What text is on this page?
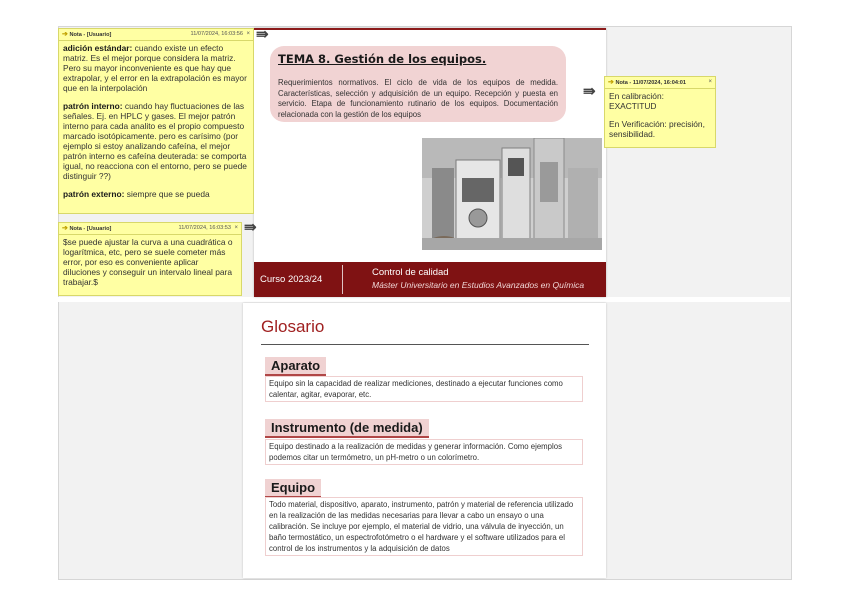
TEMA 8. Gestión de los equipos.

Requerimientos normativos. El ciclo de vida de los equipos de medida. Características, selección y adquisición de un equipo. Recepción y puesta en servicio. Etapa de funcionamiento rutinario de los equipos. Documentación relacionada con la gestión de los equipos

Curso 2023/24
Control de calidad
Máster Universitario en Estudios Avanzados en Química
Glosario
Aparato
Equipo sin la capacidad de realizar mediciones, destinado a ejecutar funciones como calentar, agitar, evaporar, etc.
Instrumento (de medida)
Equipo destinado a la realización de medidas y generar información. Como ejemplos podemos citar un termómetro, un pH-metro o un colorímetro.
Equipo
Todo material, dispositivo, aparato, instrumento, patrón y material de referencia utilizado en la realización de las medidas necesarias para llevar a cabo un ensayo o una calibración. Se incluye por ejemplo, el material de vidrio, una válvula de inyección, un baño termostático, un espectrofotómetro o el hardware y el software utilizados para el control de los instrumentos y la adquisición de datos
➔ Nota - [Usuario]	11/07/2024, 16:03:56 ×

adición estándar: cuando existe un efecto matriz. Es el mejor porque considera la matriz. Pero su mayor inconveniente es que hay que extrapolar, y el error en la extrapolación es mayor que en la interpolación

patrón interno: cuando hay fluctuaciones de las señales. Ej. en HPLC y gases. El mejor patrón interno para cada analito es el propio compuesto marcado isotópicamente. pero es carísimo (por ejemplo si estoy analizando cafeína, el mejor patrón interno es cafeína deuterada: se comporta igual, no reacciona con el entorno, pero se puede distinguir ??)

patrón externo: siempre que se pueda

⇛
➔ Nota - [Usuario]	11/07/2024, 16:03:53 ×
$se puede ajustar la curva a una cuadrática o logarítmica, etc, pero se suele cometer más error, por eso es conveniente aplicar diluciones y conseguir un intervalo lineal para trabajar.$
⇛
➔ Nota - 11/07/2024, 16:04:01	×

En calibración: EXACTITUD

En Verificación: precisión, sensibilidad.

⇛
